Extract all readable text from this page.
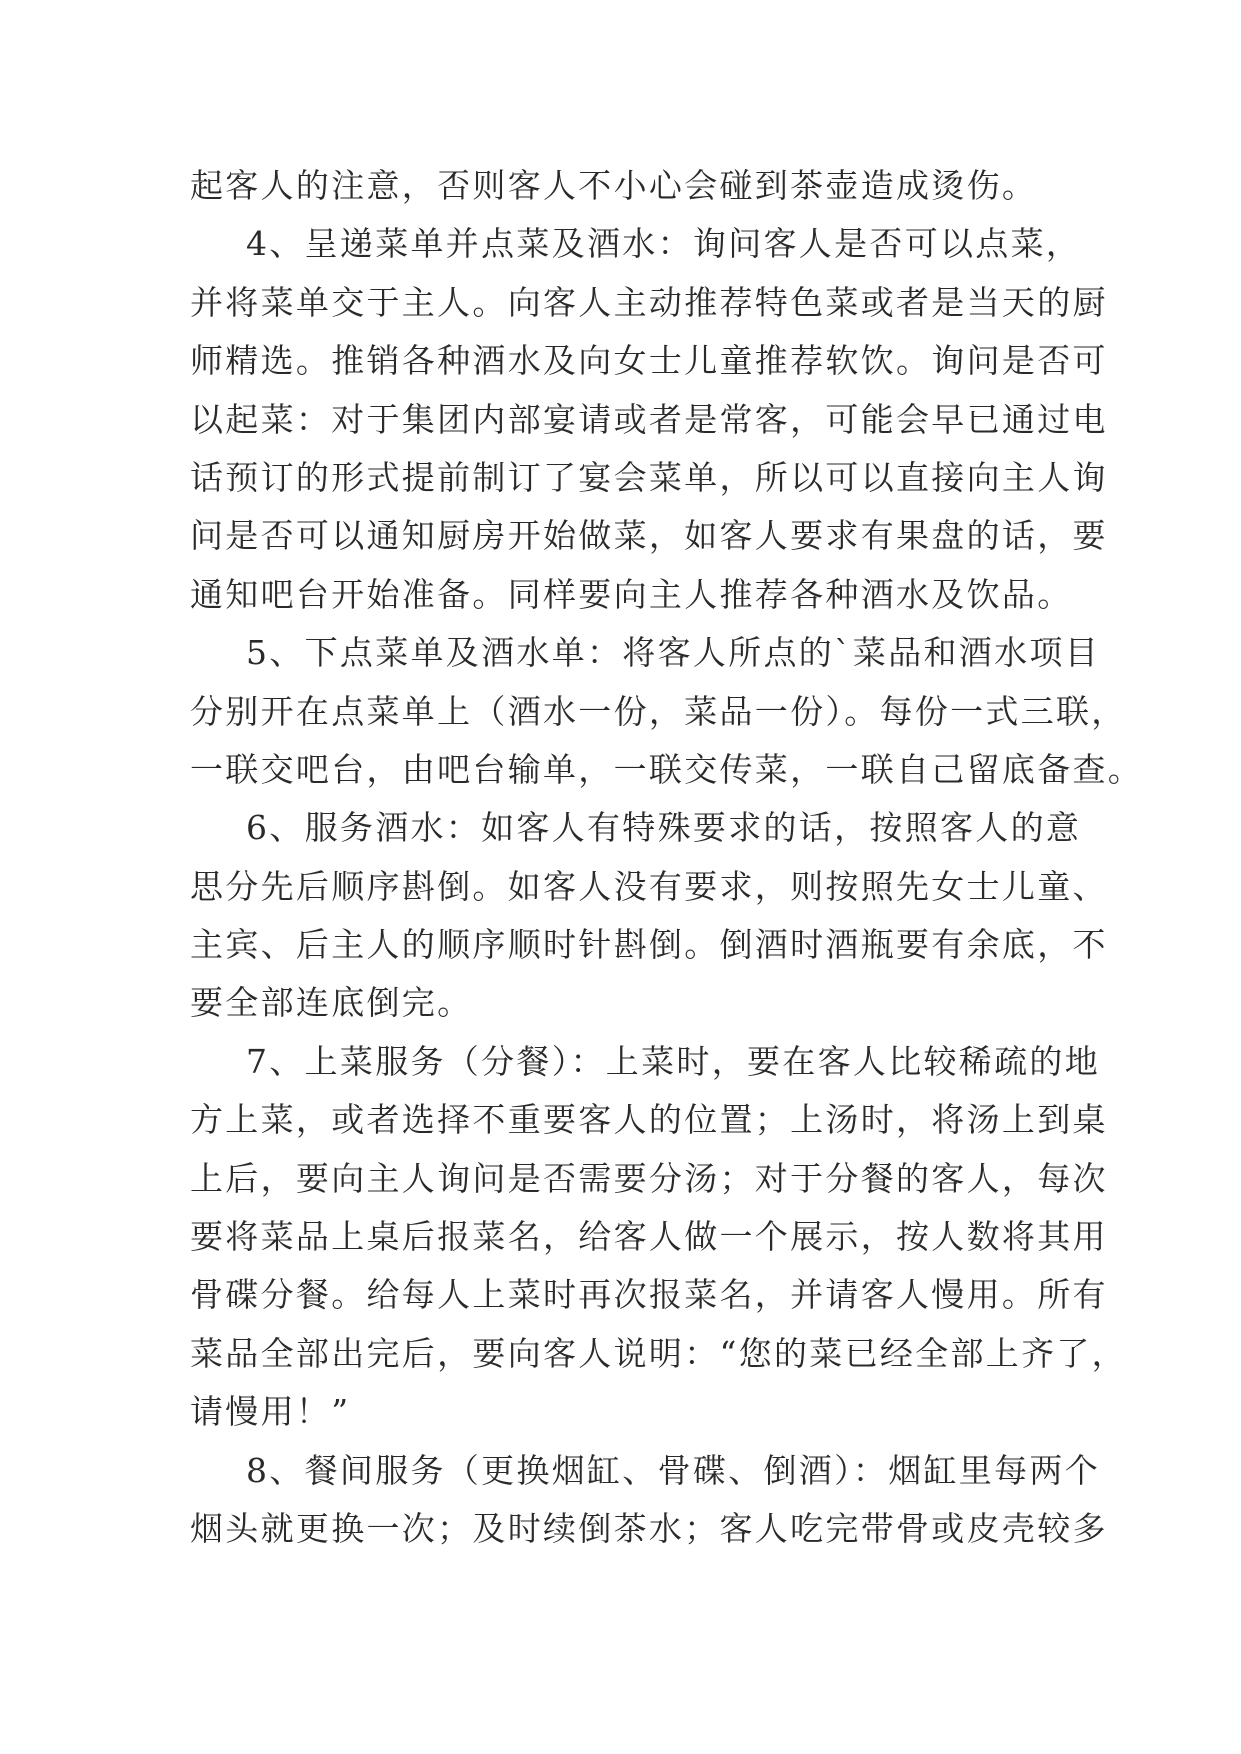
起客人的注意，否则客人不小心会碰到茶壶造成烫伤。
4、呈递菜单并点菜及酒水：询问客人是否可以点菜，
并将菜单交于主人。向客人主动推荐特色菜或者是当天的厨
师精选。推销各种酒水及向女士儿童推荐软饮。询问是否可
以起菜：对于集团内部宴请或者是常客，可能会早已通过电
话预订的形式提前制订了宴会菜单，所以可以直接向主人询
问是否可以通知厨房开始做菜，如客人要求有果盘的话，要
通知吧台开始准备。同样要向主人推荐各种酒水及饮品。
5、下点菜单及酒水单：将客人所点的`菜品和酒水项目
分别开在点菜单上（酒水一份，菜品一份）。每份一式三联，
一联交吧台，由吧台输单，一联交传菜，一联自己留底备查。
6、服务酒水：如客人有特殊要求的话，按照客人的意
思分先后顺序斟倒。如客人没有要求，则按照先女士儿童、
主宾、后主人的顺序顺时针斟倒。倒酒时酒瓶要有余底，不
要全部连底倒完。
7、上菜服务（分餐）：上菜时，要在客人比较稀疏的地
方上菜，或者选择不重要客人的位置；上汤时，将汤上到桌
上后，要向主人询问是否需要分汤；对于分餐的客人，每次
要将菜品上桌后报菜名，给客人做一个展示，按人数将其用
骨碟分餐。给每人上菜时再次报菜名，并请客人慢用。所有
菜品全部出完后，要向客人说明：“您的菜已经全部上齐了，
请慢用！”
8、餐间服务（更换烟缸、骨碟、倒酒）：烟缸里每两个
烟头就更换一次；及时续倒茶水；客人吃完带骨或皮壳较多
